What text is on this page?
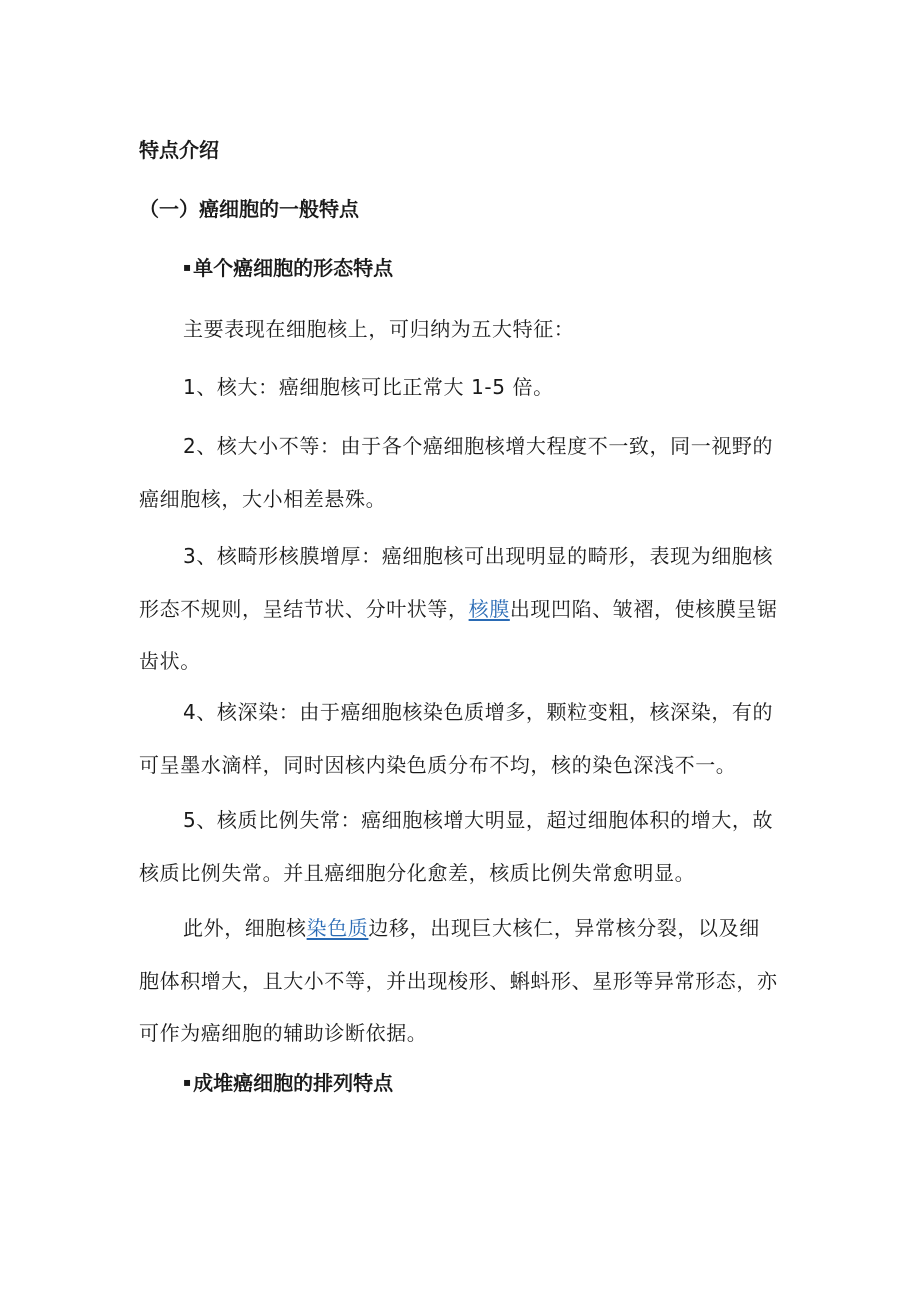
特点介绍
（一）癌细胞的一般特点
▪ 单个癌细胞的形态特点

主要表现在细胞核上，可归纳为五大特征：

1、核大：癌细胞核可比正常大 1-5 倍。

2、核大小不等：由于各个癌细胞核增大程度不一致，同一视野的癌细胞核，大小相差悬殊。

3、核畸形核膜增厚：癌细胞核可出现明显的畸形，表现为细胞核形态不规则，呈结节状、分叶状等，核膜出现凹陷、皱褶，使核膜呈锯齿状。

4、核深染：由于癌细胞核染色质增多，颗粒变粗，核深染，有的可呈墨水滴样，同时因核内染色质分布不均，核的染色深浅不一。

5、核质比例失常：癌细胞核增大明显，超过细胞体积的增大，故核质比例失常。并且癌细胞分化愈差，核质比例失常愈明显。

此外，细胞核染色质边移，出现巨大核仁，异常核分裂，以及细胞体积增大，且大小不等，并出现梭形、蝌蚪形、星形等异常形态，亦可作为癌细胞的辅助诊断依据。

▪ 成堆癌细胞的排列特点
